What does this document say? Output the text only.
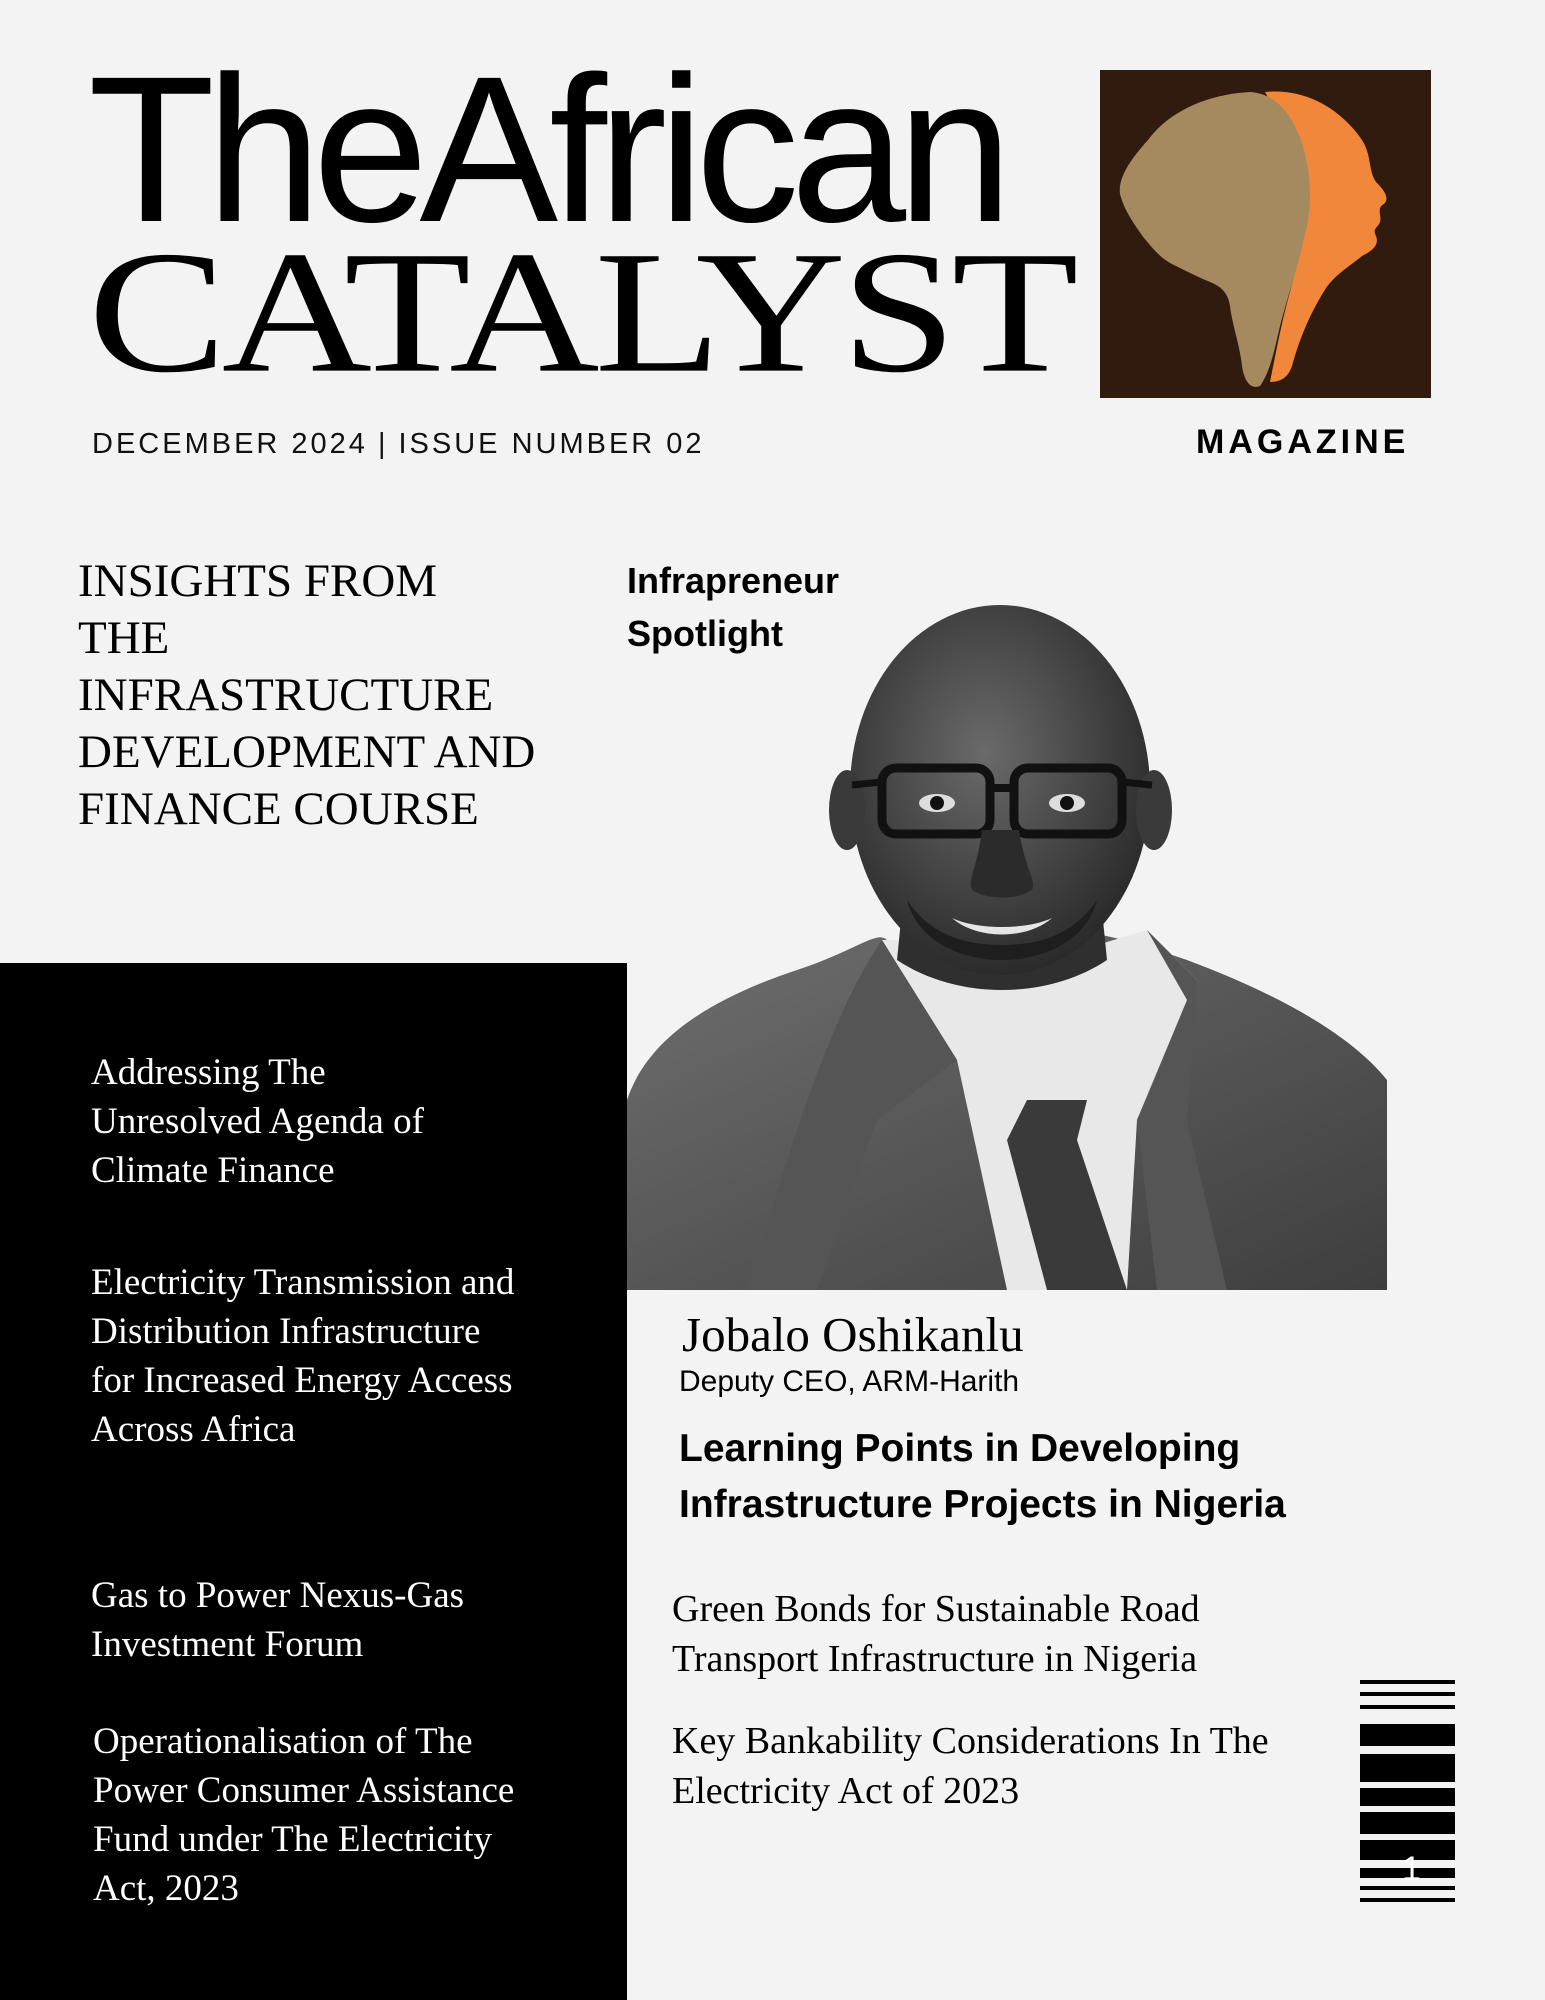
TheAfrican
CATALYST
DECEMBER 2024 | ISSUE NUMBER 02	MAGAZINE
INSIGHTS FROM THE INFRASTRUCTURE DEVELOPMENT AND FINANCE COURSE
Addressing The Unresolved Agenda of Climate Finance
Electricity Transmission and Distribution Infrastructure for Increased Energy Access Across Africa
Gas to Power Nexus-Gas Investment Forum
Operationalisation of The Power Consumer Assistance Fund under The Electricity Act, 2023
Infrapreneur Spotlight
Jobalo Oshikanlu
Deputy CEO, ARM-Harith
Learning Points in Developing Infrastructure Projects in Nigeria
Green Bonds for Sustainable Road Transport Infrastructure in Nigeria
Key Bankability Considerations In The Electricity Act of 2023
1
